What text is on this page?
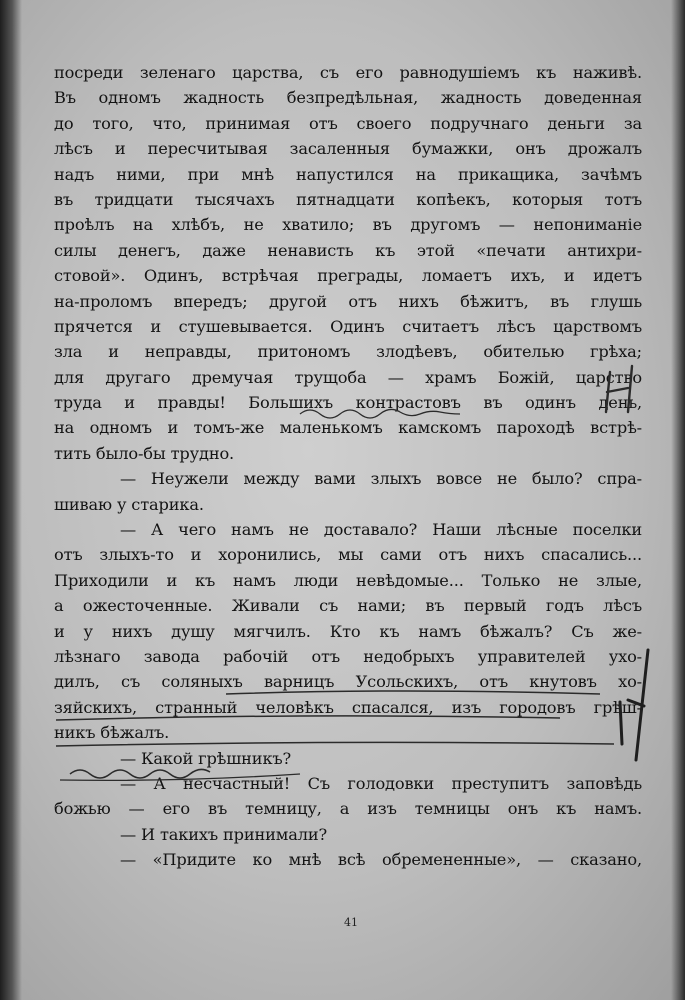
посреди зеленаго царства, съ его равнодушіемъ къ наживѣ.
Въ одномъ жадность безпредѣльная, жадность доведенная
до того, что, принимая отъ своего подручнаго деньги за
лѣсъ и пересчитывая засаленныя бумажки, онъ дрожалъ
надъ ними, при мнѣ напустился на прикащика, зачѣмъ
въ тридцати тысячахъ пятнадцати копѣекъ, которыя тотъ
проѣлъ на хлѣбъ, не хватило; въ другомъ — непониманіе
силы денегъ, даже ненависть къ этой «печати антихри-
стовой». Одинъ, встрѣчая преграды, ломаетъ ихъ, и идетъ
на-проломъ впередъ; другой отъ нихъ бѣжитъ, въ глушь
прячется и стушевывается. Одинъ считаетъ лѣсъ царствомъ
зла и неправды, притономъ злодѣевъ, обителью грѣха;
для другаго дремучая трущоба — храмъ Божій, царство
труда и правды! Большихъ контрастовъ въ одинъ день,
на одномъ и томъ-же маленькомъ камскомъ пароходѣ встрѣ-
тить было-бы трудно.
— Неужели между вами злыхъ вовсе не было? спра-
шиваю у старика.
— А чего намъ не доставало? Наши лѣсные поселки
отъ злыхъ-то и хоронились, мы сами отъ нихъ спасались...
Приходили и къ намъ люди невѣдомые... Только не злые,
а ожесточенные. Живали съ нами; въ первый годъ лѣсъ
и у нихъ душу мягчилъ. Кто къ намъ бѣжалъ? Съ же-
лѣзнаго завода рабочій отъ недобрыхъ управителей ухо-
дилъ, съ соляныхъ варницъ Усольскихъ, отъ кнутовъ хо-
зяйскихъ, странный человѣкъ спасался, изъ городовъ грѣш-
никъ бѣжалъ.
— Какой грѣшникъ?
— А несчастный! Съ голодовки преступитъ заповѣдь
божью — его въ темницу, а изъ темницы онъ къ намъ.
— И такихъ принимали?
— «Придите ко мнѣ всѣ обремененные», — сказано,
41
